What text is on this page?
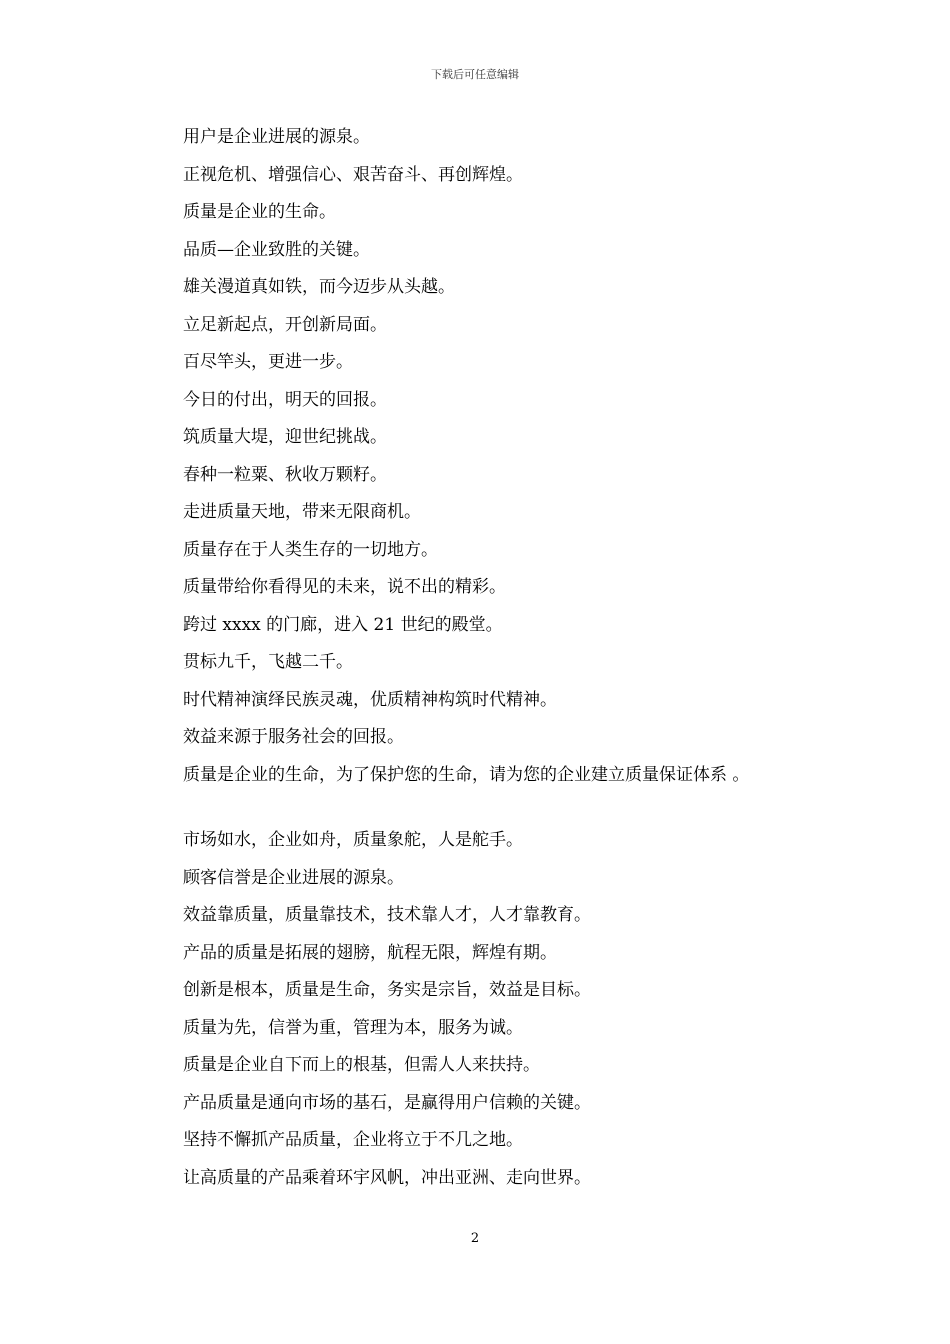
下载后可任意编辑
用户是企业进展的源泉。
正视危机、增强信心、艰苦奋斗、再创辉煌。
质量是企业的生命。
品质—企业致胜的关键。
雄关漫道真如铁，而今迈步从头越。
立足新起点，开创新局面。
百尽竿头，更进一步。
今日的付出，明天的回报。
筑质量大堤，迎世纪挑战。
春种一粒粟、秋收万颗籽。
走进质量天地，带来无限商机。
质量存在于人类生存的一切地方。
质量带给你看得见的未来，说不出的精彩。
跨过 xxxx 的门廊，进入 21 世纪的殿堂。
贯标九千，飞越二千。
时代精神演绎民族灵魂，优质精神构筑时代精神。
效益来源于服务社会的回报。
质量是企业的生命，为了保护您的生命，请为您的企业建立质量保证体系 。
市场如水，企业如舟，质量象舵，人是舵手。
顾客信誉是企业进展的源泉。
效益靠质量，质量靠技术，技术靠人才，人才靠教育。
产品的质量是拓展的翅膀，航程无限，辉煌有期。
创新是根本，质量是生命，务实是宗旨，效益是目标。
质量为先，信誉为重，管理为本，服务为诚。
质量是企业自下而上的根基，但需人人来扶持。
产品质量是通向市场的基石，是赢得用户信赖的关键。
坚持不懈抓产品质量，企业将立于不几之地。
让高质量的产品乘着环宇风帆，冲出亚洲、走向世界。
2
